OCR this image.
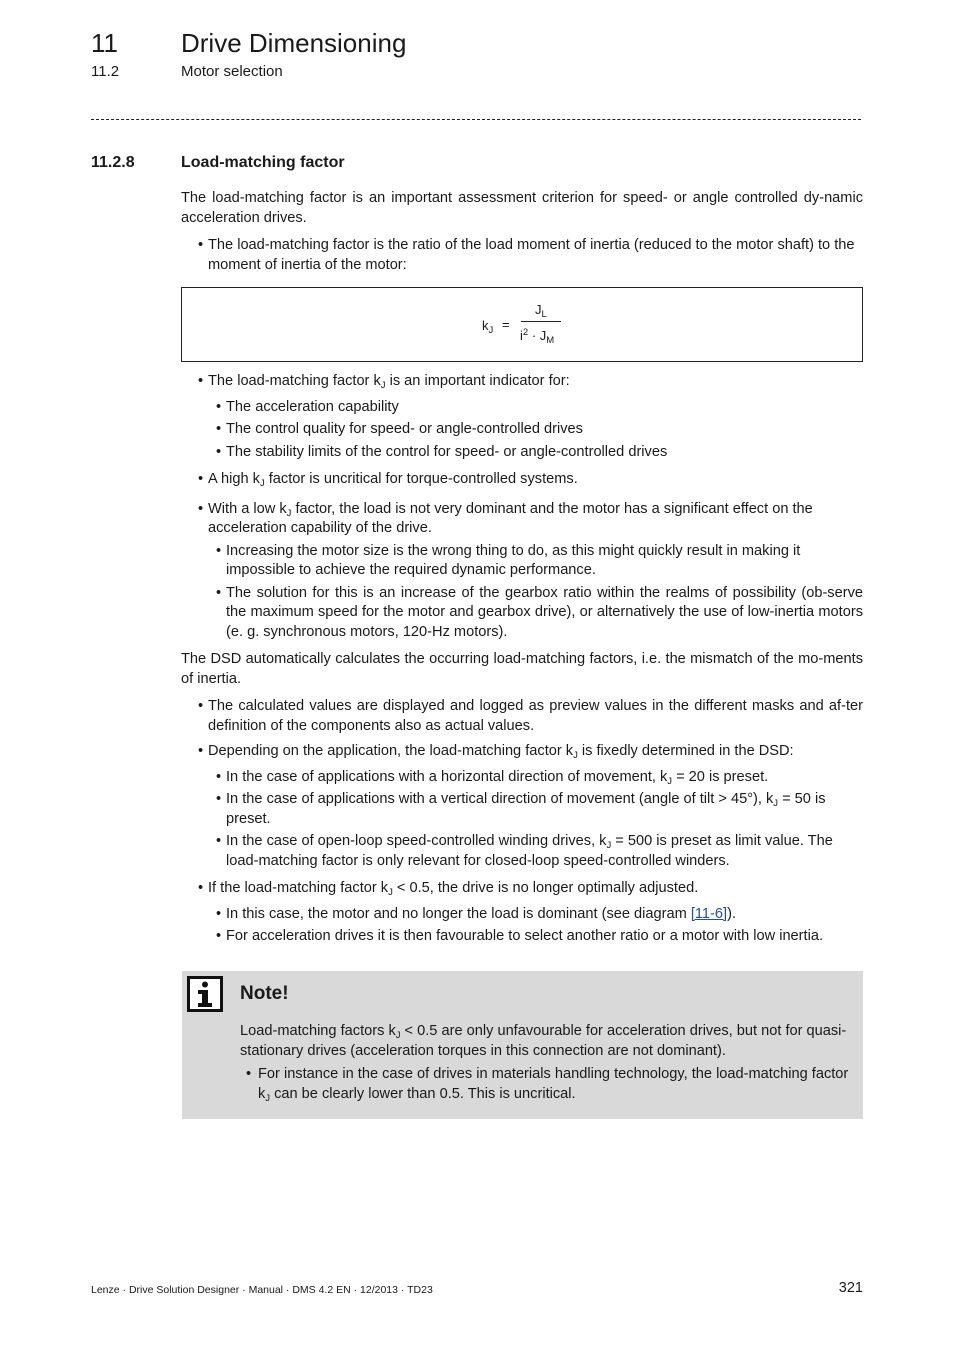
11 Drive Dimensioning
11.2	Motor selection
11.2.8	Load-matching factor

The load-matching factor is an important assessment criterion for speed- or angle controlled dy-namic acceleration drives.

• The load-matching factor is the ratio of the load moment of inertia (reduced to the motor shaft) to the moment of inertia of the motor:
$k_J$ =
$J_L$
$i^2 \cdot J_M$
• The load-matching factor $k_J$ is an important indicator for:
• The acceleration capability
• The control quality for speed- or angle-controlled drives
• The stability limits of the control for speed- or angle-controlled drives
• A high $k_J$ factor is uncritical for torque-controlled systems.
• With a low $k_J$ factor, the load is not very dominant and the motor has a significant effect on the acceleration capability of the drive.
• Increasing the motor size is the wrong thing to do, as this might quickly result in making it impossible to achieve the required dynamic performance.
• The solution for this is an increase of the gearbox ratio within the realms of possibility (ob-serve the maximum speed for the motor and gearbox drive), or alternatively the use of low-inertia motors (e. g. synchronous motors, 120-Hz motors).

The DSD automatically calculates the occurring load-matching factors, i.e. the mismatch of the mo-ments of inertia.

• The calculated values are displayed and logged as preview values in the different masks and af-ter definition of the components also as actual values.
• Depending on the application, the load-matching factor $k_J$ is fixedly determined in the DSD:
• In the case of applications with a horizontal direction of movement, $k_J = 20$ is preset.
• In the case of applications with a vertical direction of movement (angle of tilt > 45°), $k_J = 50$ is preset.
• In the case of open-loop speed-controlled winding drives, $k_J = 500$ is preset as limit value. The load-matching factor is only relevant for closed-loop speed-controlled winders.
• If the load-matching factor $k_J < 0.5$, the drive is no longer optimally adjusted.
• In this case, the motor and no longer the load is dominant (see diagram [11-6]).
• For acceleration drives it is then favourable to select another ratio or a motor with low inertia.
Note!

Load-matching factors $k_J < 0.5$ are only unfavourable for acceleration drives, but not for quasi-stationary drives (acceleration torques in this connection are not dominant).

• For instance in the case of drives in materials handling technology, the load-matching factor $k_J$ can be clearly lower than 0.5. This is uncritical.
Lenze · Drive Solution Designer · Manual · DMS 4.2 EN · 12/2013 · TD23	321
